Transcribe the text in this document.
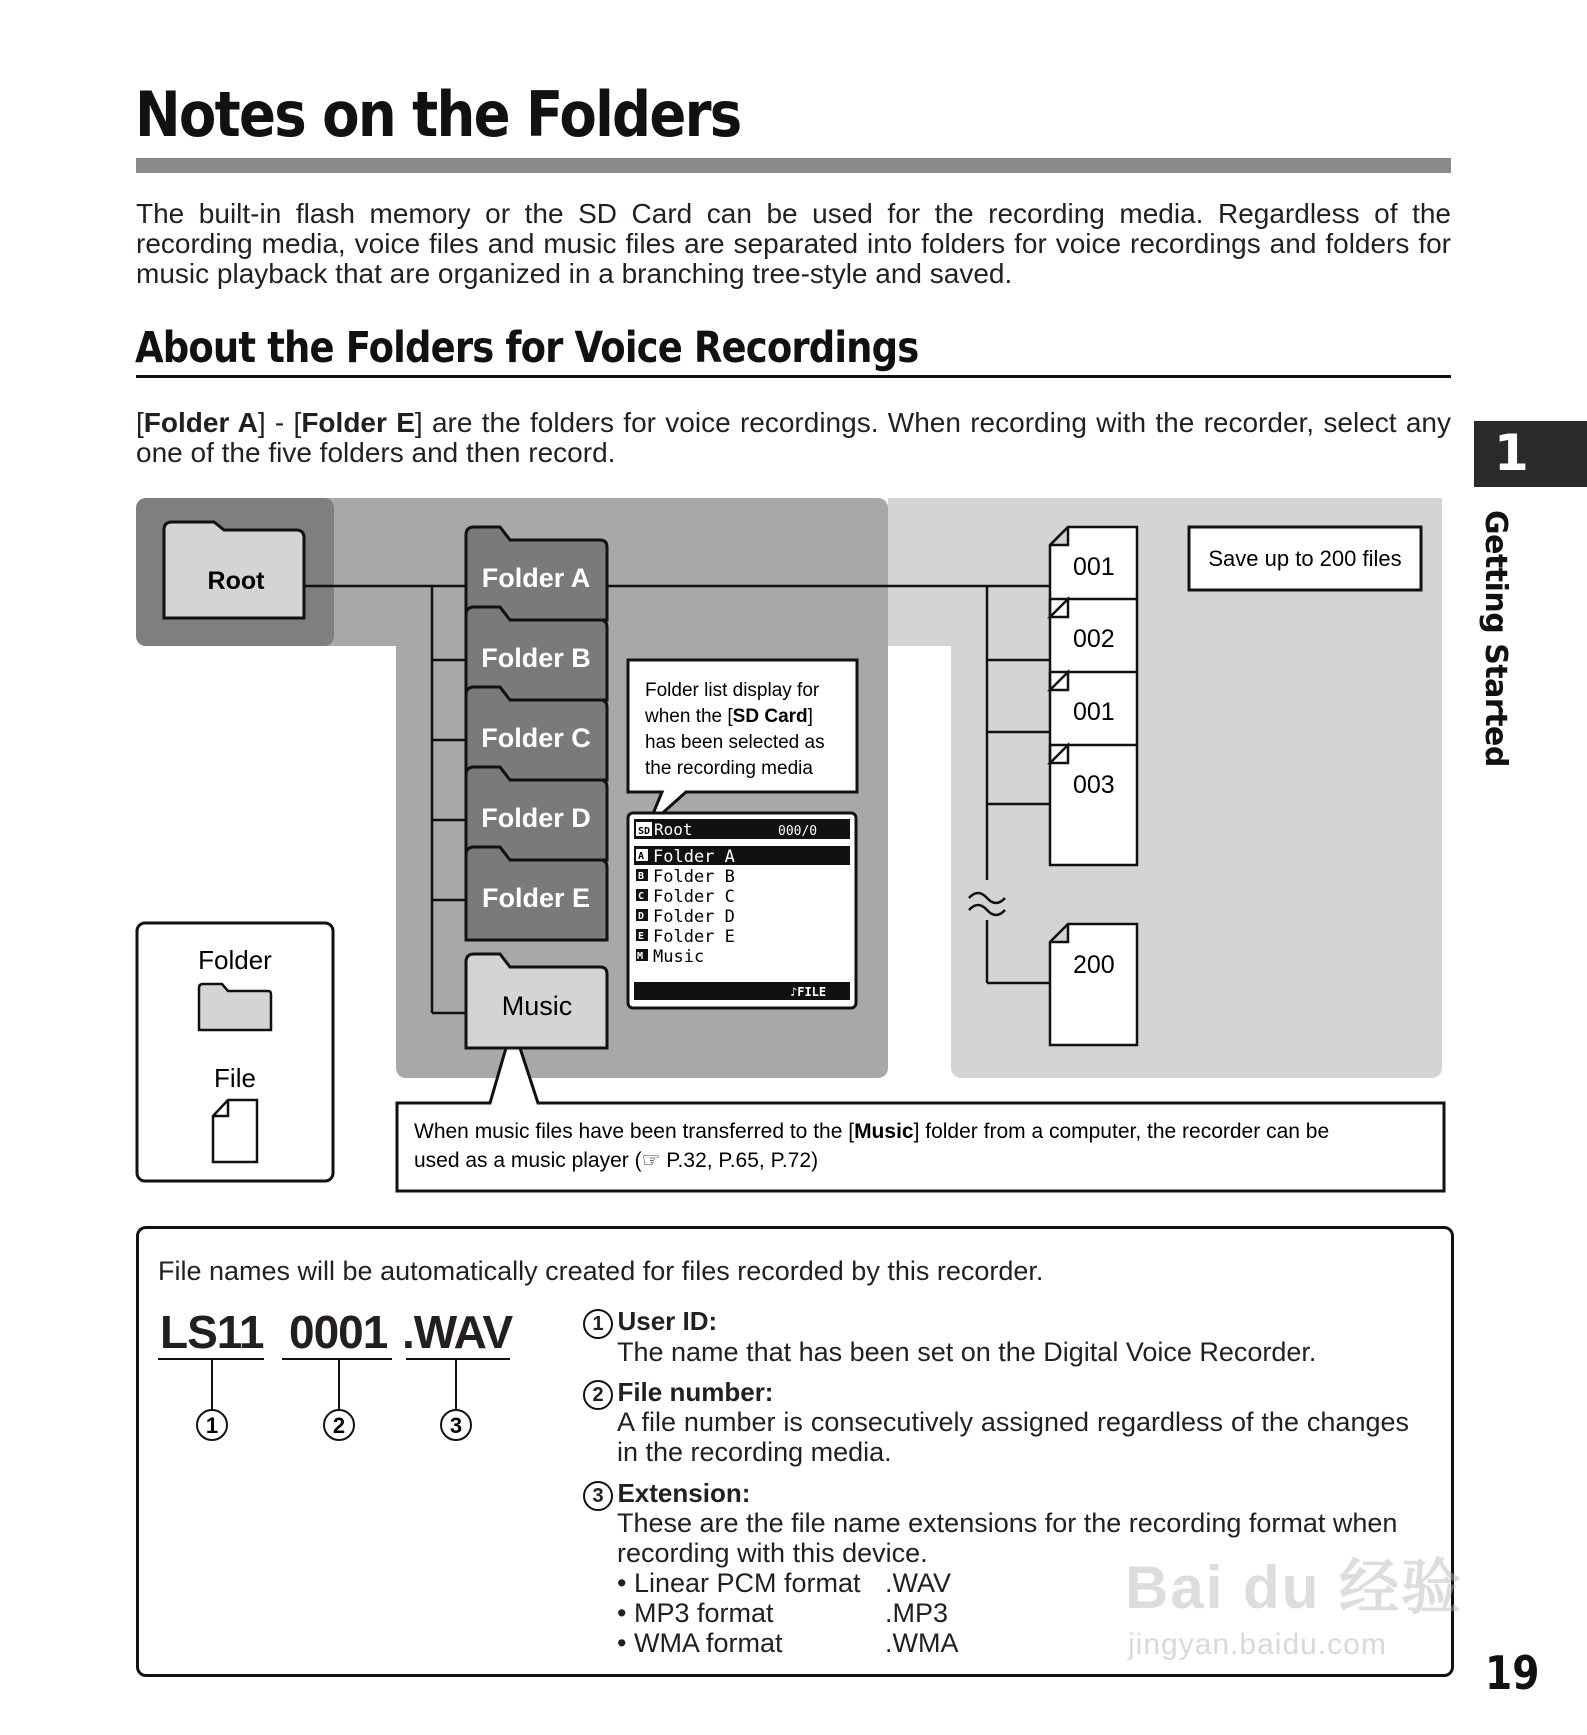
Notes on the Folders
The built-in flash memory or the SD Card can be used for the recording media. Regardless of the recording media, voice files and music files are separated into folders for voice recordings and folders for music playback that are organized in a branching tree-style and saved.
About the Folders for Voice Recordings
[Folder A] - [Folder E] are the folders for voice recordings. When recording with the recorder, select any one of the five folders and then record.	1
Getting Started
Root	Folder A
Folder B
Folder C
Folder D
Folder E
Music
Folder list display for
when the [SD Card]
has been selected as
the recording media
SD Root	000/0
A Folder A
B Folder B
C Folder C
D Folder D
E Folder E
M Music
♪FILE
001
002
001
003
200
Save up to 200 files
Folder
File
When music files have been transferred to the [Music] folder from a computer, the recorder can be
used as a music player (☞ P.32, P.65, P.72)
File names will be automatically created for files recorded by this recorder.
LS11 0001 .WAV
1	2	3
1 User ID:
The name that has been set on the Digital Voice Recorder.
2 File number:
A file number is consecutively assigned regardless of the changes in the recording media.
3 Extension:
These are the file name extensions for the recording format when recording with this device.
• Linear PCM format .WAV
• MP3 format	.MP3
• WMA format	.WMA
Bai du 经验
jingyan.baidu.com
19
